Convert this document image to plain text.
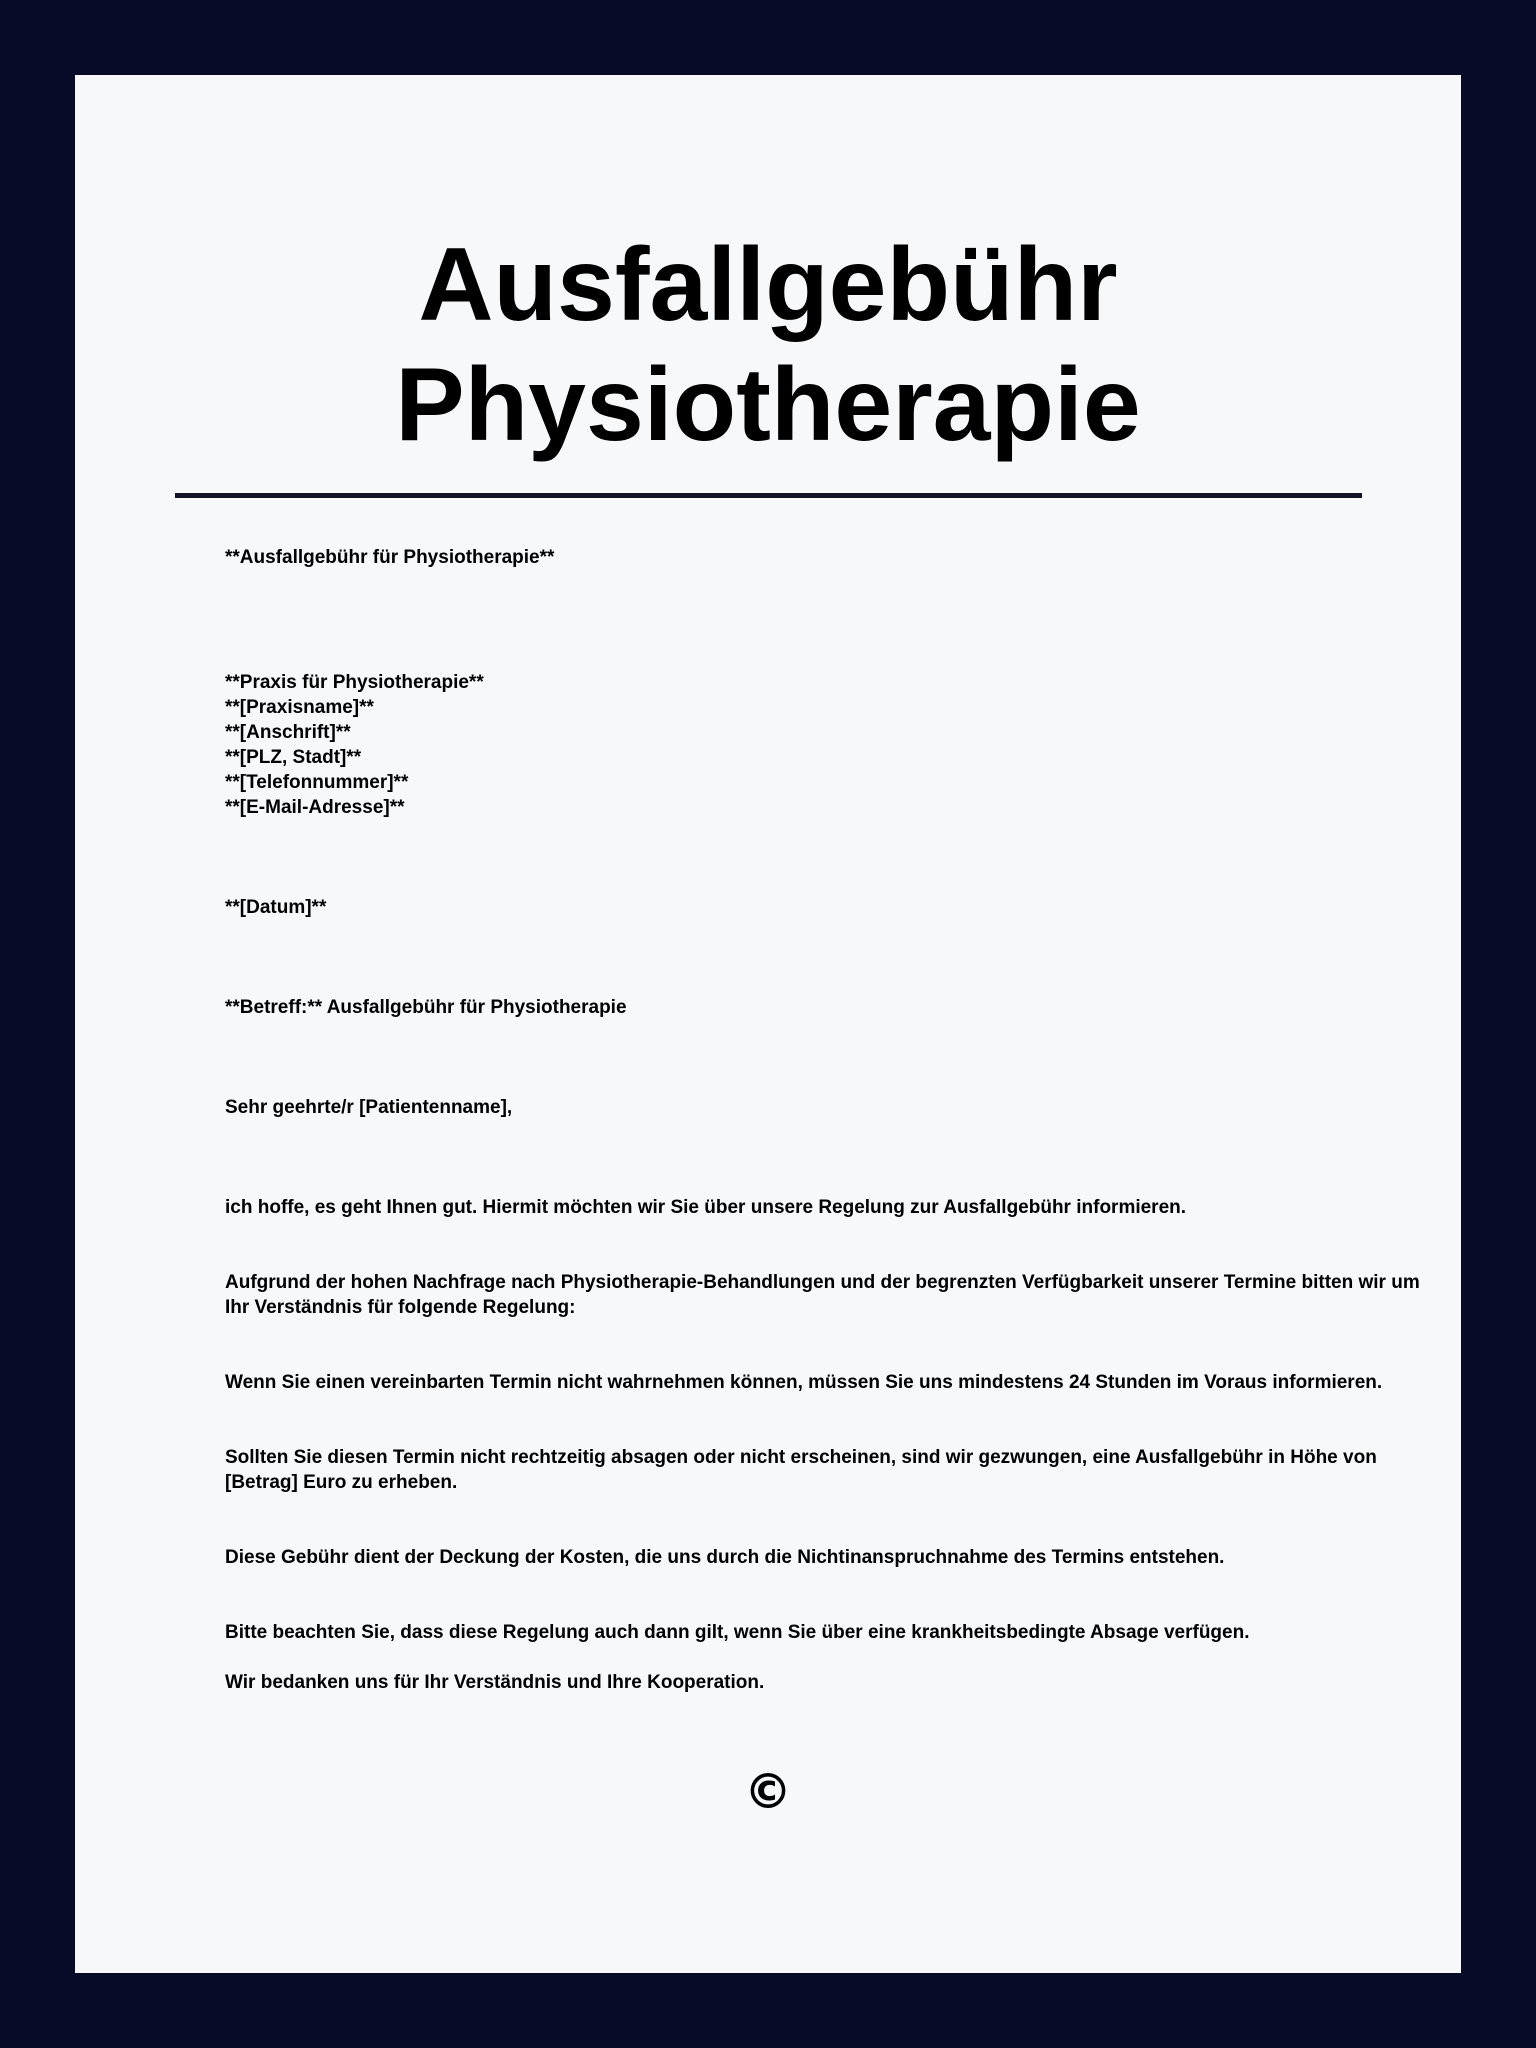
Ausfallgebühr
Physiotherapie

**Ausfallgebühr für Physiotherapie**

**Praxis für Physiotherapie**

**[Praxisname]**

**[Anschrift]**

**[PLZ, Stadt]**

**[Telefonnummer]**

**[E-Mail-Adresse]**

**[Datum]**

**Betreff:** Ausfallgebühr für Physiotherapie

Sehr geehrte/r [Patientenname],

ich hoffe, es geht Ihnen gut. Hiermit möchten wir Sie über unsere Regelung zur Ausfallgebühr informieren.

Aufgrund der hohen Nachfrage nach Physiotherapie-Behandlungen und der begrenzten Verfügbarkeit unserer Termine bitten wir um Ihr Verständnis für folgende Regelung:

Wenn Sie einen vereinbarten Termin nicht wahrnehmen können, müssen Sie uns mindestens 24 Stunden im Voraus informieren.

Sollten Sie diesen Termin nicht rechtzeitig absagen oder nicht erscheinen, sind wir gezwungen, eine Ausfallgebühr in Höhe von [Betrag] Euro zu erheben.

Diese Gebühr dient der Deckung der Kosten, die uns durch die Nichtinanspruchnahme des Termins entstehen.

Bitte beachten Sie, dass diese Regelung auch dann gilt, wenn Sie über eine krankheitsbedingte Absage verfügen.

Wir bedanken uns für Ihr Verständnis und Ihre Kooperation.

©
